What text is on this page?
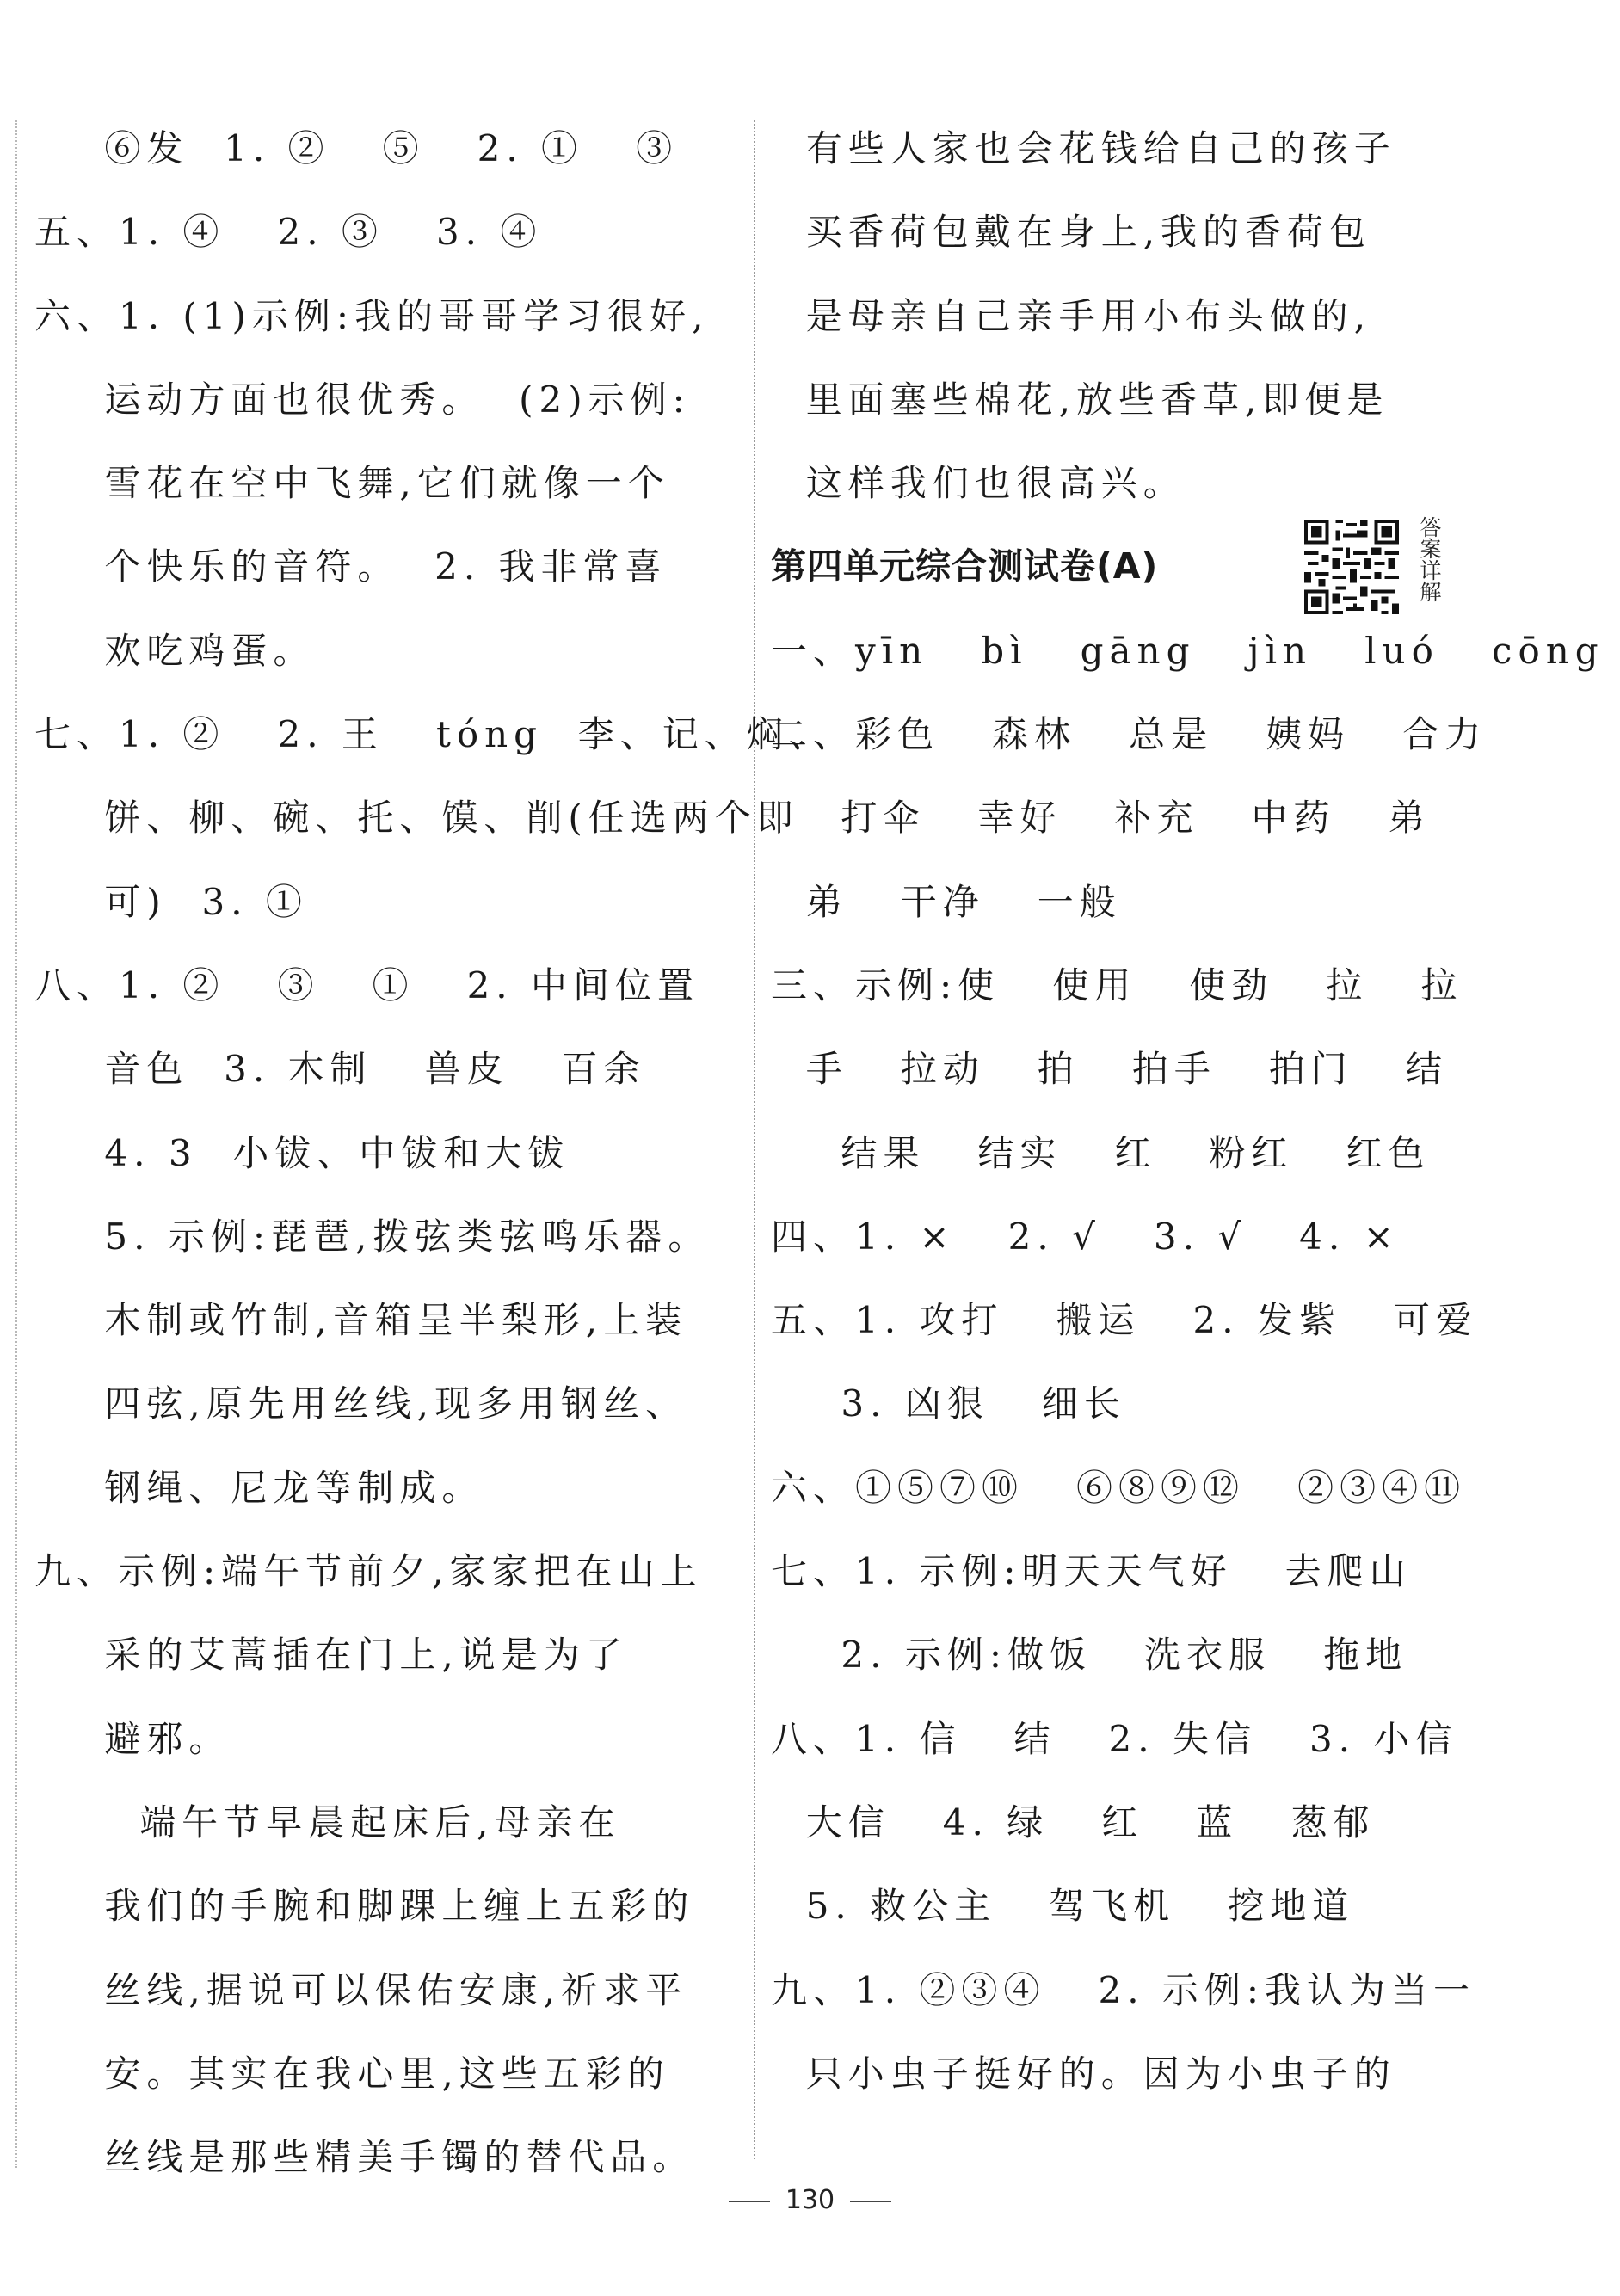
⑥发  1. ②   ⑤   2. ①   ③
五、1. ④   2. ③   3. ④
六、1. (1)示例:我的哥哥学习很好,
运动方面也很优秀。  (2)示例:
雪花在空中飞舞,它们就像一个
个快乐的音符。  2. 我非常喜
欢吃鸡蛋。
七、1. ②   2. 王   tóng  李、记、焖、
饼、柳、碗、托、馍、削(任选两个即
可)  3. ①
八、1. ②   ③   ①   2. 中间位置
音色  3. 木制   兽皮   百余
4. 3  小钹、中钹和大钹
5. 示例:琵琶,拨弦类弦鸣乐器。
木制或竹制,音箱呈半梨形,上装
四弦,原先用丝线,现多用钢丝、
钢绳、尼龙等制成。
九、示例:端午节前夕,家家把在山上
采的艾蒿插在门上,说是为了
避邪。
端午节早晨起床后,母亲在
我们的手腕和脚踝上缠上五彩的
丝线,据说可以保佑安康,祈求平
安。其实在我心里,这些五彩的
丝线是那些精美手镯的替代品。
有些人家也会花钱给自己的孩子
买香荷包戴在身上,我的香荷包
是母亲自己亲手用小布头做的,
里面塞些棉花,放些香草,即便是
这样我们也很高兴。
第四单元综合测试卷(A)	答案详解
一、yīn   bì   gāng   jìn   luó   cōng
二、彩色   森林   总是   姨妈   合力
打伞   幸好   补充   中药   弟
弟   干净   一般
三、示例:使   使用   使劲   拉   拉
手   拉动   拍   拍手   拍门   结
结果   结实   红   粉红   红色
四、1. ×   2. √   3. √   4. ×
五、1. 攻打   搬运   2. 发紫   可爱
3. 凶狠   细长
六、①⑤⑦⑩   ⑥⑧⑨⑫   ②③④⑪
七、1. 示例:明天天气好   去爬山
2. 示例:做饭   洗衣服   拖地
八、1. 信   结   2. 失信   3. 小信
大信   4. 绿   红   蓝   葱郁
5. 救公主   驾飞机   挖地道
九、1. ②③④   2. 示例:我认为当一
只小虫子挺好的。因为小虫子的
130
